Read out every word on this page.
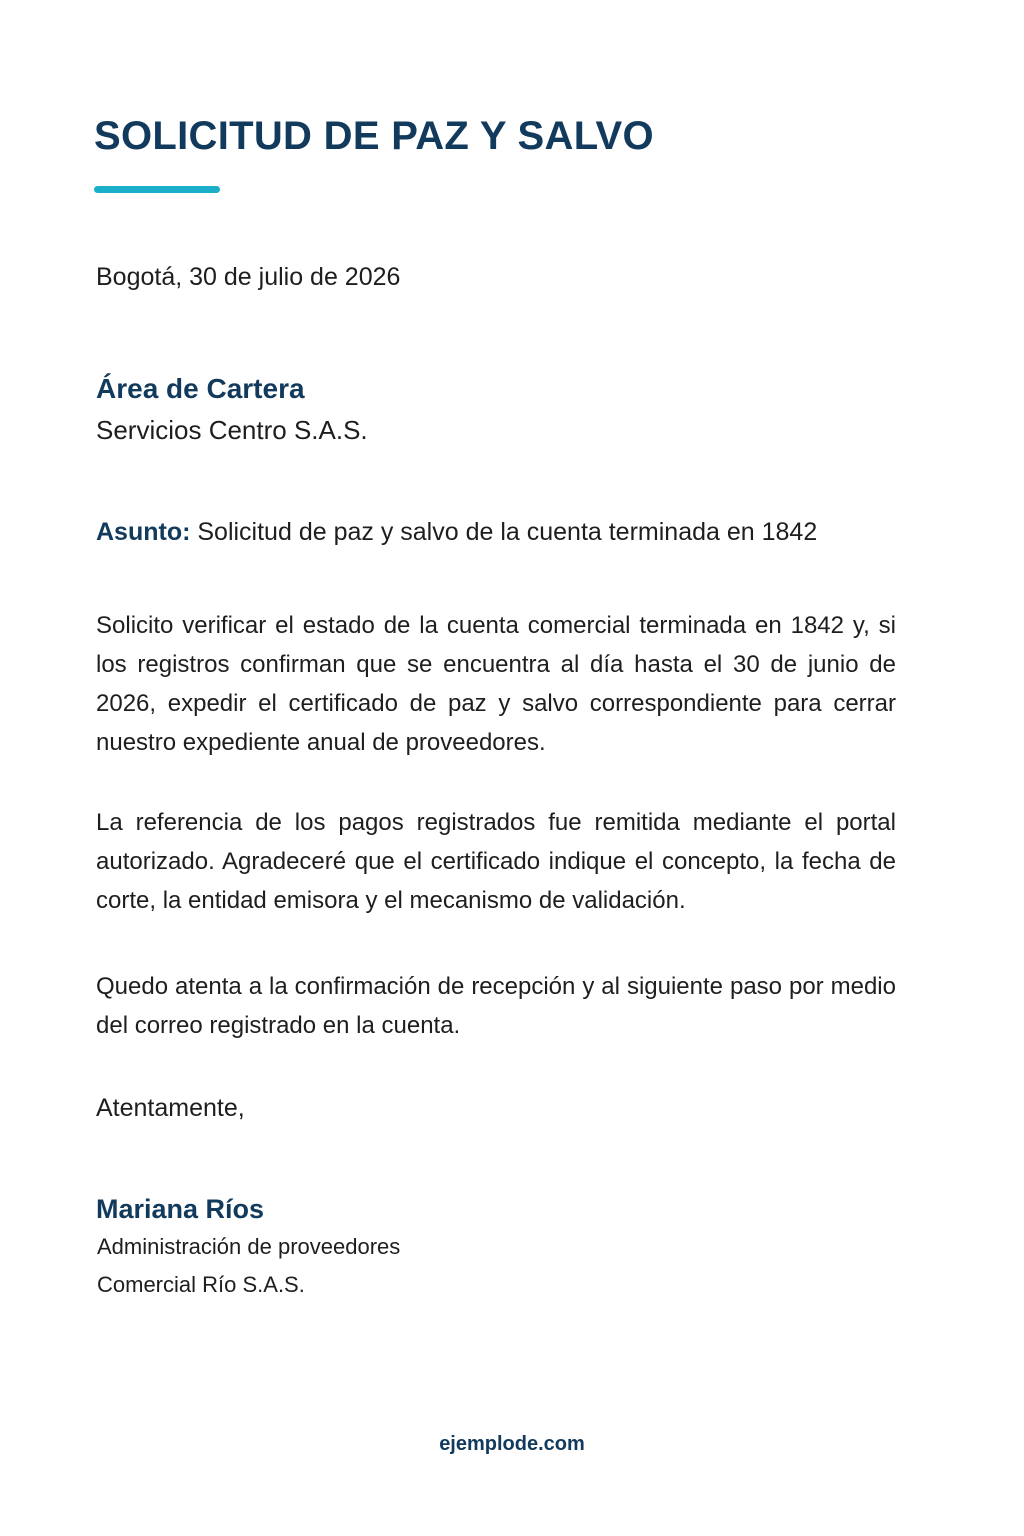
SOLICITUD DE PAZ Y SALVO
Bogotá, 30 de julio de 2026
Área de Cartera
Servicios Centro S.A.S.
Asunto: Solicitud de paz y salvo de la cuenta terminada en 1842

Solicito verificar el estado de la cuenta comercial terminada en 1842 y, si los registros confirman que se encuentra al día hasta el 30 de junio de 2026, expedir el certificado de paz y salvo correspondiente para cerrar nuestro expediente anual de proveedores.

La referencia de los pagos registrados fue remitida mediante el portal autorizado. Agradeceré que el certificado indique el concepto, la fecha de corte, la entidad emisora y el mecanismo de validación.

Quedo atenta a la confirmación de recepción y al siguiente paso por medio del correo registrado en la cuenta.

Atentamente,
Mariana Ríos
Administración de proveedores
Comercial Río S.A.S.
ejemplode.com
